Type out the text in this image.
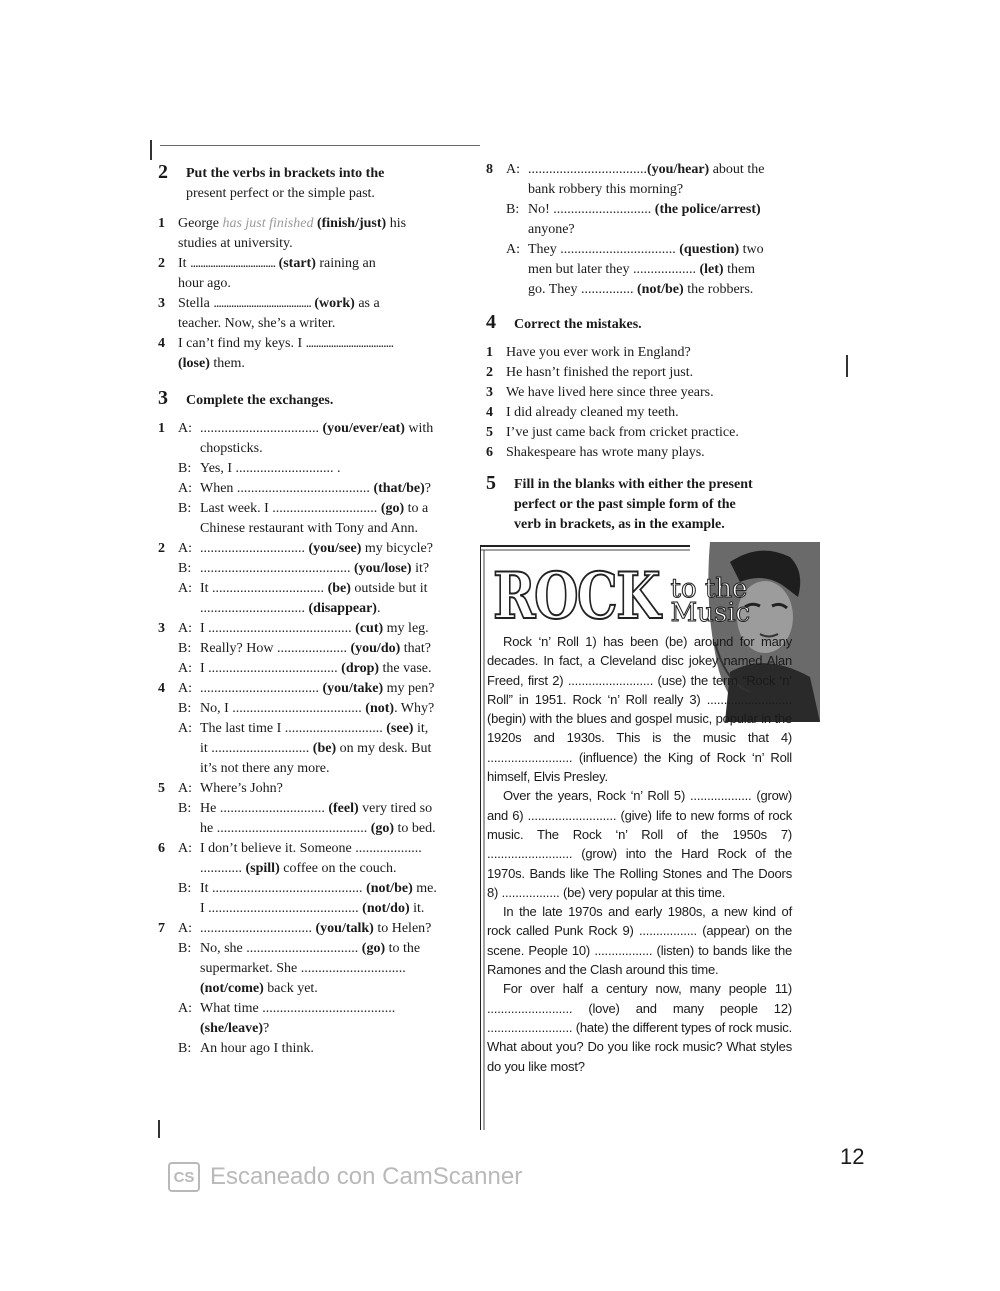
2	Put the verbs in brackets into the
present perfect or the simple past.
1 George has just finished (finish/just) his
studies at university.
2 It .................................. (start) raining an
hour ago.
3 Stella ....................................... (work) as a
teacher. Now, she’s a writer.
4 I can’t find my keys. I ...................................
(lose) them.
3	Complete the exchanges.
1 A: .................................. (you/ever/eat) with
chopsticks.
B: Yes, I ............................ .
A: When ...................................... (that/be)?
B: Last week. I .............................. (go) to a
Chinese restaurant with Tony and Ann.
2 A: .............................. (you/see) my bicycle?
B: ........................................... (you/lose) it?
A: It ................................ (be) outside but it
.............................. (disappear).
3 A: I ......................................... (cut) my leg.
B: Really? How .................... (you/do) that?
A: I ..................................... (drop) the vase.
4 A: .................................. (you/take) my pen?
B: No, I ..................................... (not). Why?
A: The last time I ............................ (see) it,
it ............................ (be) on my desk. But
it’s not there any more.
5 A: Where’s John?
B: He .............................. (feel) very tired so
he ........................................... (go) to bed.
6 A: I don’t believe it. Someone ...................
............ (spill) coffee on the couch.
B: It ........................................... (not/be) me.
I ........................................... (not/do) it.
7 A: ................................ (you/talk) to Helen?
B: No, she ................................ (go) to the
supermarket. She ..............................
(not/come) back yet.
A: What time ......................................
(she/leave)?
B: An hour ago I think.
8 A: ..................................(you/hear) about the
bank robbery this morning?
B: No! ............................ (the police/arrest)
anyone?
A: They ................................. (question) two
men but later they .................. (let) them
go. They ............... (not/be) the robbers.
4	Correct the mistakes.
1 Have you ever work in England?
2 He hasn’t finished the report just.
3 We have lived here since three years.
4 I did already cleaned my teeth.
5 I’ve just came back from cricket practice.
6 Shakespeare has wrote many plays.
5	Fill in the blanks with either the present
perfect or the past simple form of the
verb in brackets, as in the example.
ROCK to the
Music

Rock ‘n’ Roll 1) has been (be) around for many decades. In fact, a Cleveland disc jokey named Alan Freed, first 2) ......................... (use) the term “Rock ‘n’ Roll” in 1951. Rock ‘n’ Roll really 3) ......................... (begin) with the blues and gospel music, popular in the 1920s and 1930s. This is the music that 4) ......................... (influence) the King of Rock ‘n’ Roll himself, Elvis Presley.

Over the years, Rock ‘n’ Roll 5) .................. (grow) and 6) .......................... (give) life to new forms of rock music. The Rock ‘n’ Roll of the 1950s 7) ......................... (grow) into the Hard Rock of the 1970s. Bands like The Rolling Stones and The Doors 8) ................. (be) very popular at this time.

In the late 1970s and early 1980s, a new kind of rock called Punk Rock 9) ................. (appear) on the scene. People 10) ................. (listen) to bands like the Ramones and the Clash around this time.

For over half a century now, many people 11) ......................... (love) and many people 12) ......................... (hate) the different types of rock music. What about you? Do you like rock music? What styles do you like most?

CS Escaneado con CamScanner
12
